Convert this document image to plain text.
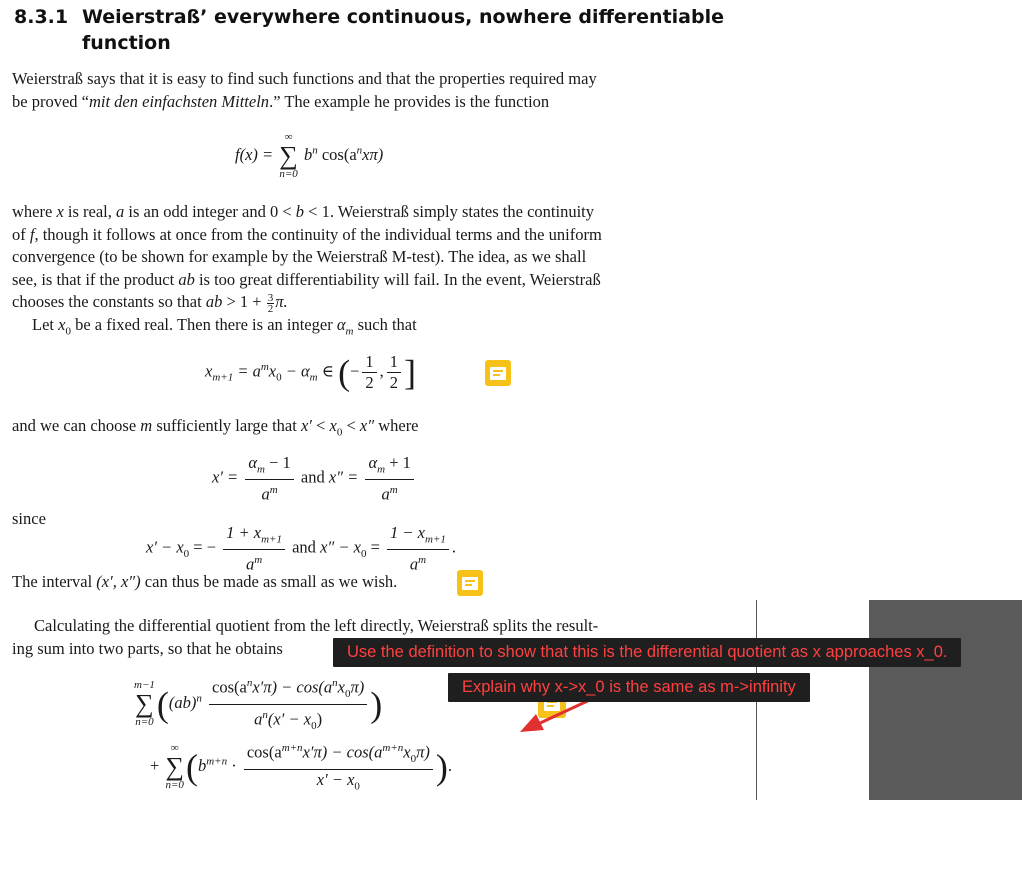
8.3.1 Weierstraß’ everywhere continuous, nowhere differentiable
function
Weierstraß says that it is easy to find such functions and that the properties required may
be proved “mit den einfachsten Mitteln.” The example he provides is the function
f(x) =
∞
∑
n=0
$b^n$ $\cos(a^nx\pi)$
where x is real, a is an odd integer and 0 < b < 1. Weierstraß simply states the continuity
of f, though it follows at once from the continuity of the individual terms and the uniform
convergence (to be shown for example by the Weierstraß M-test). The idea, as we shall
see, is that if the product ab is too great differentiability will fail. In the event, Weierstraß
chooses the constants so that ab > $1 + \frac{3}{2} \pi$.
Let $x_0$ be a fixed real. Then there is an integer $\alpha_m$ such that
$x_{m+1} = a^mx_0 - \alpha_m$ ∈ (− $\frac{1}{2}$ , $\frac{1}{2}$ ]
and we can choose m sufficiently large that $x' < x_0 < x''$ where
$x' = \frac{\alpha_m - 1}{a^m}$ and $x'' = \frac{\alpha_m + 1}{a^m}$
since
$x' - x_0$ = − $\frac{1 + x_{m+1}}{a^m}$ and $x'' - x_0 = \frac{1 - x_{m+1}}{a^m}$ .
The interval (x′, x″) can thus be made as small as we wish.
Calculating the differential quotient from the left directly, Weierstraß splits the result-
ing sum into two parts, so that he obtains
m−1
∑
n=0 ($(ab)^n \frac{\cos(a^nx'\pi) - \cos(a^nx_0\pi)}{a^n(x' - x_0)}$ )
+
∞
∑
n=0 ($b^{m+n} \cdot \frac{\cos(a^{m+n}x'\pi) - \cos(a^{m+n}x_0\pi)}{x' - x_0}$ ).
Use the definition to show that this is the differential quotient as x approaches x_0.
Explain why x->x_0 is the same as m->infinity
